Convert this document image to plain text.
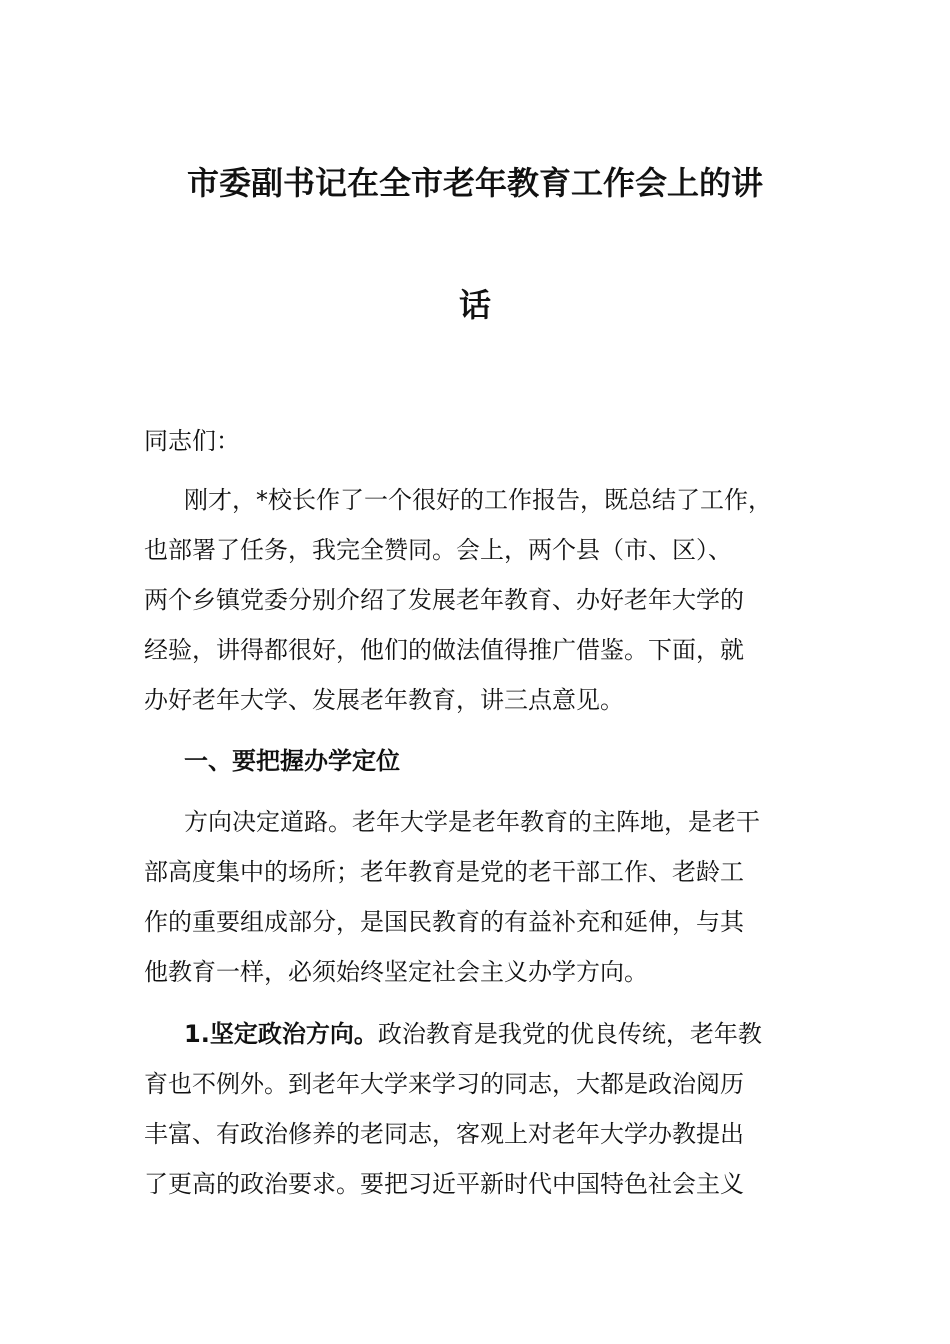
市委副书记在全市老年教育工作会上的讲
话
同志们：
刚才，*校长作了一个很好的工作报告，既总结了工作，
也部署了任务，我完全赞同。会上，两个县（市、区）、
两个乡镇党委分别介绍了发展老年教育、办好老年大学的
经验，讲得都很好，他们的做法值得推广借鉴。下面，就
办好老年大学、发展老年教育，讲三点意见。
一、要把握办学定位
方向决定道路。老年大学是老年教育的主阵地，是老干
部高度集中的场所；老年教育是党的老干部工作、老龄工
作的重要组成部分，是国民教育的有益补充和延伸，与其
他教育一样，必须始终坚定社会主义办学方向。
1.坚定政治方向。政治教育是我党的优良传统，老年教
育也不例外。到老年大学来学习的同志，大都是政治阅历
丰富、有政治修养的老同志，客观上对老年大学办教提出
了更高的政治要求。要把习近平新时代中国特色社会主义
